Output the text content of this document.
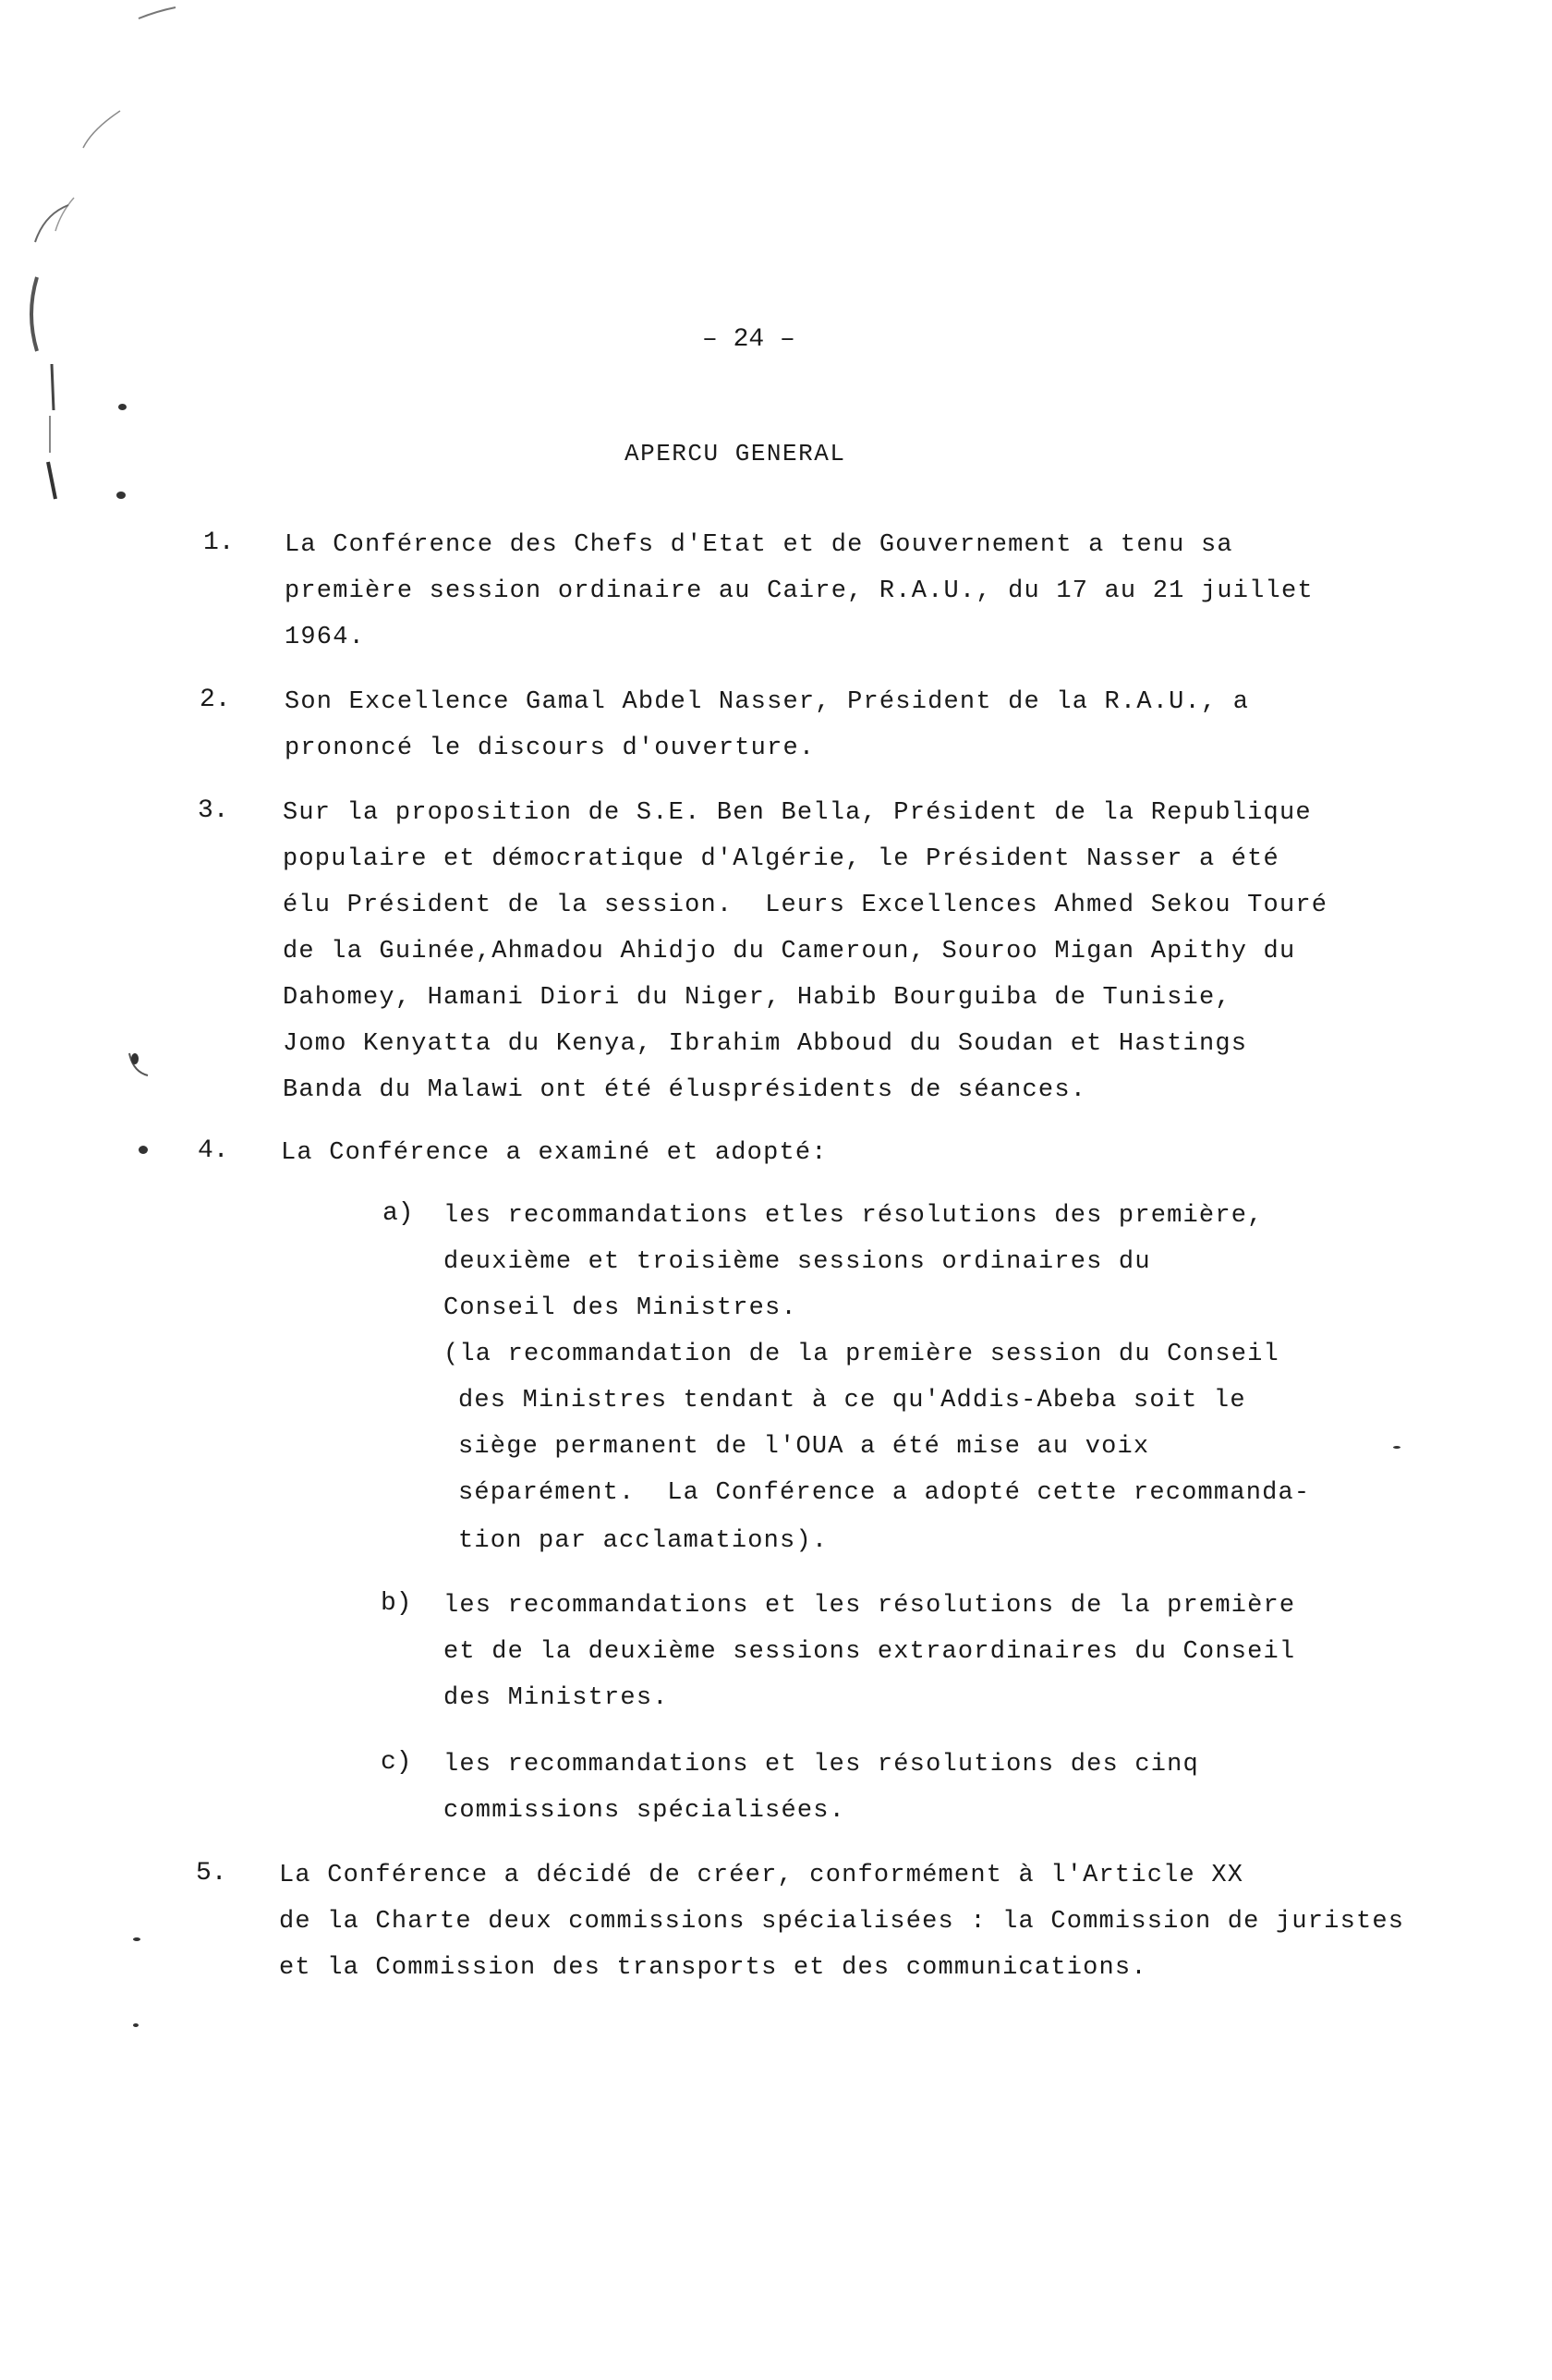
– 24 –
APERCU GENERAL
1. La Conférence des Chefs d'Etat et de Gouvernement a tenu sa
première session ordinaire au Caire, R.A.U., du 17 au 21 juillet
1964.
2. Son Excellence Gamal Abdel Nasser, Président de la R.A.U., a
prononcé le discours d'ouverture.
3. Sur la proposition de S.E. Ben Bella, Président de la Republique
populaire et démocratique d'Algérie, le Président Nasser a été
élu Président de la session.  Leurs Excellences Ahmed Sekou Touré
de la Guinée,Ahmadou Ahidjo du Cameroun, Souroo Migan Apithy du
Dahomey, Hamani Diori du Niger, Habib Bourguiba de Tunisie,
Jomo Kenyatta du Kenya, Ibrahim Abboud du Soudan et Hastings
Banda du Malawi ont été élusprésidents de séances.
4. La Conférence a examiné et adopté:
a) les recommandations etles résolutions des première,
deuxième et troisième sessions ordinaires du
Conseil des Ministres.
(la recommandation de la première session du Conseil
des Ministres tendant à ce qu'Addis-Abeba soit le
siège permanent de l'OUA a été mise au voix
séparément.  La Conférence a adopté cette recommanda-
tion par acclamations).
b) les recommandations et les résolutions de la première
et de la deuxième sessions extraordinaires du Conseil
des Ministres.
c) les recommandations et les résolutions des cinq
commissions spécialisées.
5. La Conférence a décidé de créer, conformément à l'Article XX
de la Charte deux commissions spécialisées : la Commission de juristes
et la Commission des transports et des communications.
